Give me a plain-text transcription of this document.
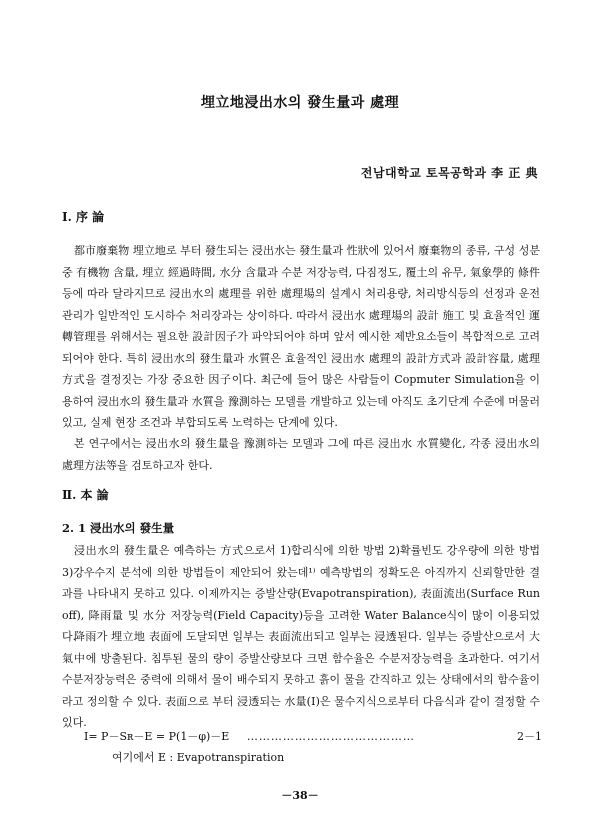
埋立地浸出水의 發生量과 處理
전남대학교 토목공학과 李 正 典
Ⅰ. 序 論
都市廢棄物 埋立地로 부터 發生되는 浸出水는 發生量과 性狀에 있어서 廢棄物의 종류, 구성 성분중 有機物 含量, 埋立 經過時間, 水分 含量과 수분 저장능력, 다짐정도, 覆土의 유무, 氣象學的 條件등에 따라 달라지므로 浸出水의 處理를 위한 處理場의 설계시 처리용량, 처리방식등의 선정과 운전관리가 일반적인 도시하수 처리장과는 상이하다. 따라서 浸出水 處理場의 設計 施工 및 효율적인 運轉管理를 위해서는 필요한 設計因子가 파악되어야 하며 앞서 예시한 제반요소들이 복합적으로 고려되어야 한다. 특히 浸出水의 發生量과 水質은 효율적인 浸出水 處理의 設計方式과 設計容量, 處理方式을 결정짓는 가장 중요한 因子이다. 최근에 들어 많은 사람들이 Copmuter Simulation을 이용하여 浸出水의 發生量과 水質을 豫測하는 모델를 개발하고 있는데 아직도 초기단계 수준에 머물러 있고, 실제 현장 조건과 부합되도록 노력하는 단계에 있다.
본 연구에서는 浸出水의 發生量을 豫測하는 모델과 그에 따른 浸出水 水質變化, 각종 浸出水의 處理方法等을 검토하고자 한다.
Ⅱ. 本 論
2. 1 浸出水의 發生量
浸出水의 發生量은 예측하는 方式으로서 1)합리식에 의한 방법 2)확률빈도 강우량에 의한 방법 3)강우수지 분석에 의한 방법들이 제안되어 왔는데¹⁾ 예측방법의 정확도은 아직까지 신뢰할만한 결과를 나타내지 못하고 있다. 이제까지는 증발산량(Evapotranspiration), 表面流出(Surface Runoff), 降雨量 및 水分 저장능력(Field Capacity)등을 고려한 Water Balance식이 많이 이용되었다.
降雨가 埋立地 表面에 도달되면 일부는 表面流出되고 일부는 浸透된다. 일부는 증발산으로서 大氣中에 방출된다. 침투된 물의 량이 증발산량보다 크면 함수율은 수분저장능력을 초과한다. 여기서 수분저장능력은 중력에 의해서 물이 배수되지 못하고 흙이 물을 간직하고 있는 상태에서의 함수율이라고 정의할 수 있다. 表面으로 부터 浸透되는 水量(Ⅰ)은 물수지식으로부터 다음식과 같이 결정할 수 있다.
Ⅰ= P－Sʀ－E = P(1－φ)－E ……………………………………	2－1
여기에서 E : Evapotranspiration
－38－
